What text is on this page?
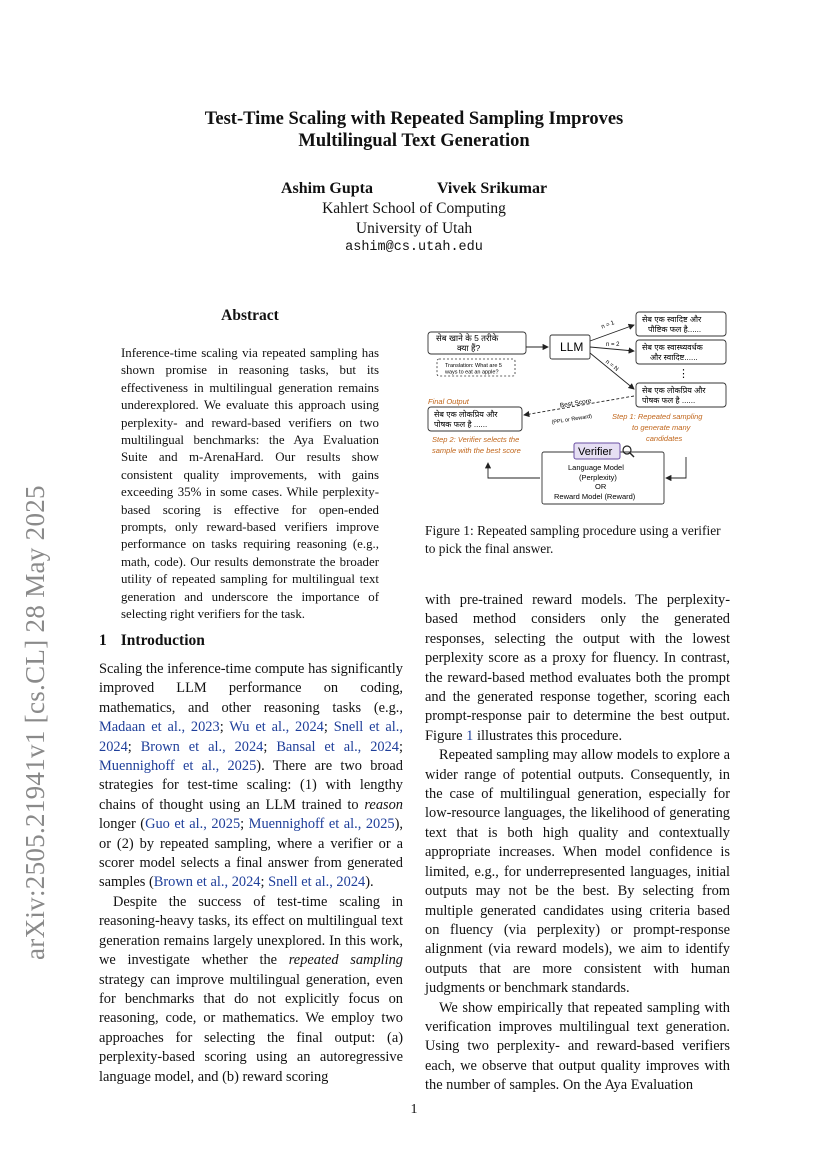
Test-Time Scaling with Repeated Sampling Improves
Multilingual Text Generation
Ashim Gupta	Vivek Srikumar
Kahlert School of Computing
University of Utah
ashim@cs.utah.edu
arXiv:2505.21941v1 [cs.CL] 28 May 2025
Abstract
Inference-time scaling via repeated sampling has shown promise in reasoning tasks, but its effectiveness in multilingual generation remains underexplored. We evaluate this approach using perplexity- and reward-based verifiers on two multilingual benchmarks: the Aya Evaluation Suite and m-ArenaHard. Our results show consistent quality improvements, with gains exceeding 35% in some cases. While perplexity-based scoring is effective for open-ended prompts, only reward-based verifiers improve performance on tasks requiring reasoning (e.g., math, code). Our results demonstrate the broader utility of repeated sampling for multilingual text generation and underscore the importance of selecting right verifiers for the task.
1 Introduction

Scaling the inference-time compute has significantly improved LLM performance on coding, mathematics, and other reasoning tasks (e.g., Madaan et al., 2023; Wu et al., 2024; Snell et al., 2024; Brown et al., 2024; Bansal et al., 2024; Muennighoff et al., 2025). There are two broad strategies for test-time scaling: (1) with lengthy chains of thought using an LLM trained to reason longer (Guo et al., 2025; Muennighoff et al., 2025), or (2) by repeated sampling, where a verifier or a scorer model selects a final answer from generated samples (Brown et al., 2024; Snell et al., 2024).

Despite the success of test-time scaling in reasoning-heavy tasks, its effect on multilingual text generation remains largely unexplored. In this work, we investigate whether the repeated sampling strategy can improve multilingual generation, even for benchmarks that do not explicitly focus on reasoning, code, or mathematics. We employ two approaches for selecting the final output: (a) perplexity-based scoring using an autoregressive language model, and (b) reward scoring

सेब खाने के 5 तरीके
क्या हैं?
Translation: What are 5
ways to eat an apple?
LLM
n = 1
n = 2
n = N
सेब एक स्वादिष्ट और
पौष्टिक फल है......
सेब एक स्वास्थ्यवर्धक
और स्वादिष्ट......
⋮
सेब एक लोकप्रिय और
पोषक फल है ......
Best Score
(PPL or Reward)
Final Output
सेब एक लोकप्रिय और
पोषक फल है ......
Step 1: Repeated sampling
to generate many
candidates
Step 2: Verifier selects the
sample with the best score	Verifier
Language Model
(Perplexity)
OR
Reward Model (Reward)
Figure 1: Repeated sampling procedure using a verifier to pick the final answer.

with pre-trained reward models. The perplexity-based method considers only the generated responses, selecting the output with the lowest perplexity score as a proxy for fluency. In contrast, the reward-based method evaluates both the prompt and the generated response together, scoring each prompt-response pair to determine the best output. Figure 1 illustrates this procedure.

Repeated sampling may allow models to explore a wider range of potential outputs. Consequently, in the case of multilingual generation, especially for low-resource languages, the likelihood of generating text that is both high quality and contextually appropriate increases. When model confidence is limited, e.g., for underrepresented languages, initial outputs may not be the best. By selecting from multiple generated candidates using criteria based on fluency (via perplexity) or prompt-response alignment (via reward models), we aim to identify outputs that are more consistent with human judgments or benchmark standards.

We show empirically that repeated sampling with verification improves multilingual text generation. Using two perplexity- and reward-based verifiers each, we observe that output quality improves with the number of samples. On the Aya Evaluation

1
